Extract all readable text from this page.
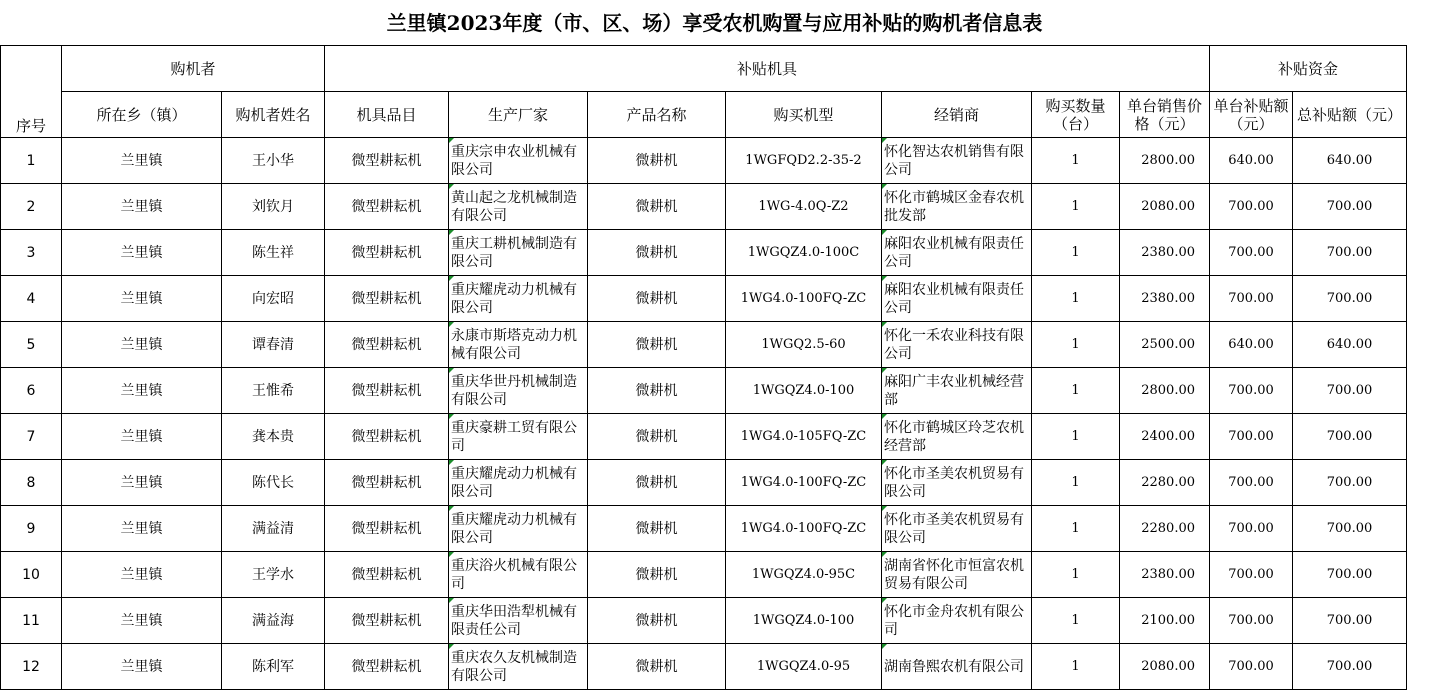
兰里镇2023年度（市、区、场）享受农机购置与应用补贴的购机者信息表
序号	购机者		补贴机具							补贴资金	
	所在乡（镇）	购机者姓名	机具品目	生产厂家	产品名称	购买机型	经销商	购买数量（台）	单台销售价格（元）	单台补贴额（元）	总补贴额（元）
1	兰里镇	王小华	微型耕耘机	重庆宗申农业机械有限公司	微耕机	1WGFQD2.2-35-2	怀化智达农机销售有限公司	1	2800.00	640.00	640.00
2	兰里镇	刘钦月	微型耕耘机	黄山起之龙机械制造有限公司	微耕机	1WG-4.0Q-Z2	怀化市鹤城区金春农机批发部	1	2080.00	700.00	700.00
3	兰里镇	陈生祥	微型耕耘机	重庆工耕机械制造有限公司	微耕机	1WGQZ4.0-100C	麻阳农业机械有限责任公司	1	2380.00	700.00	700.00
4	兰里镇	向宏昭	微型耕耘机	重庆耀虎动力机械有限公司	微耕机	1WG4.0-100FQ-ZC	麻阳农业机械有限责任公司	1	2380.00	700.00	700.00
5	兰里镇	谭春清	微型耕耘机	永康市斯塔克动力机械有限公司	微耕机	1WGQ2.5-60	怀化一禾农业科技有限公司	1	2500.00	640.00	640.00
6	兰里镇	王惟希	微型耕耘机	重庆华世丹机械制造有限公司	微耕机	1WGQZ4.0-100	麻阳广丰农业机械经营部	1	2800.00	700.00	700.00
7	兰里镇	龚本贵	微型耕耘机	重庆豪耕工贸有限公司	微耕机	1WG4.0-105FQ-ZC	怀化市鹤城区玲芝农机经营部	1	2400.00	700.00	700.00
8	兰里镇	陈代长	微型耕耘机	重庆耀虎动力机械有限公司	微耕机	1WG4.0-100FQ-ZC	怀化市圣美农机贸易有限公司	1	2280.00	700.00	700.00
9	兰里镇	满益清	微型耕耘机	重庆耀虎动力机械有限公司	微耕机	1WG4.0-100FQ-ZC	怀化市圣美农机贸易有限公司	1	2280.00	700.00	700.00
10	兰里镇	王学水	微型耕耘机	重庆浴火机械有限公司	微耕机	1WGQZ4.0-95C	湖南省怀化市恒富农机贸易有限公司	1	2380.00	700.00	700.00
11	兰里镇	满益海	微型耕耘机	重庆华田浩犁机械有限责任公司	微耕机	1WGQZ4.0-100	怀化市金舟农机有限公司	1	2100.00	700.00	700.00
12	兰里镇	陈利军	微型耕耘机	重庆农久友机械制造有限公司	微耕机	1WGQZ4.0-95	湖南鲁熙农机有限公司	1	2080.00	700.00	700.00
